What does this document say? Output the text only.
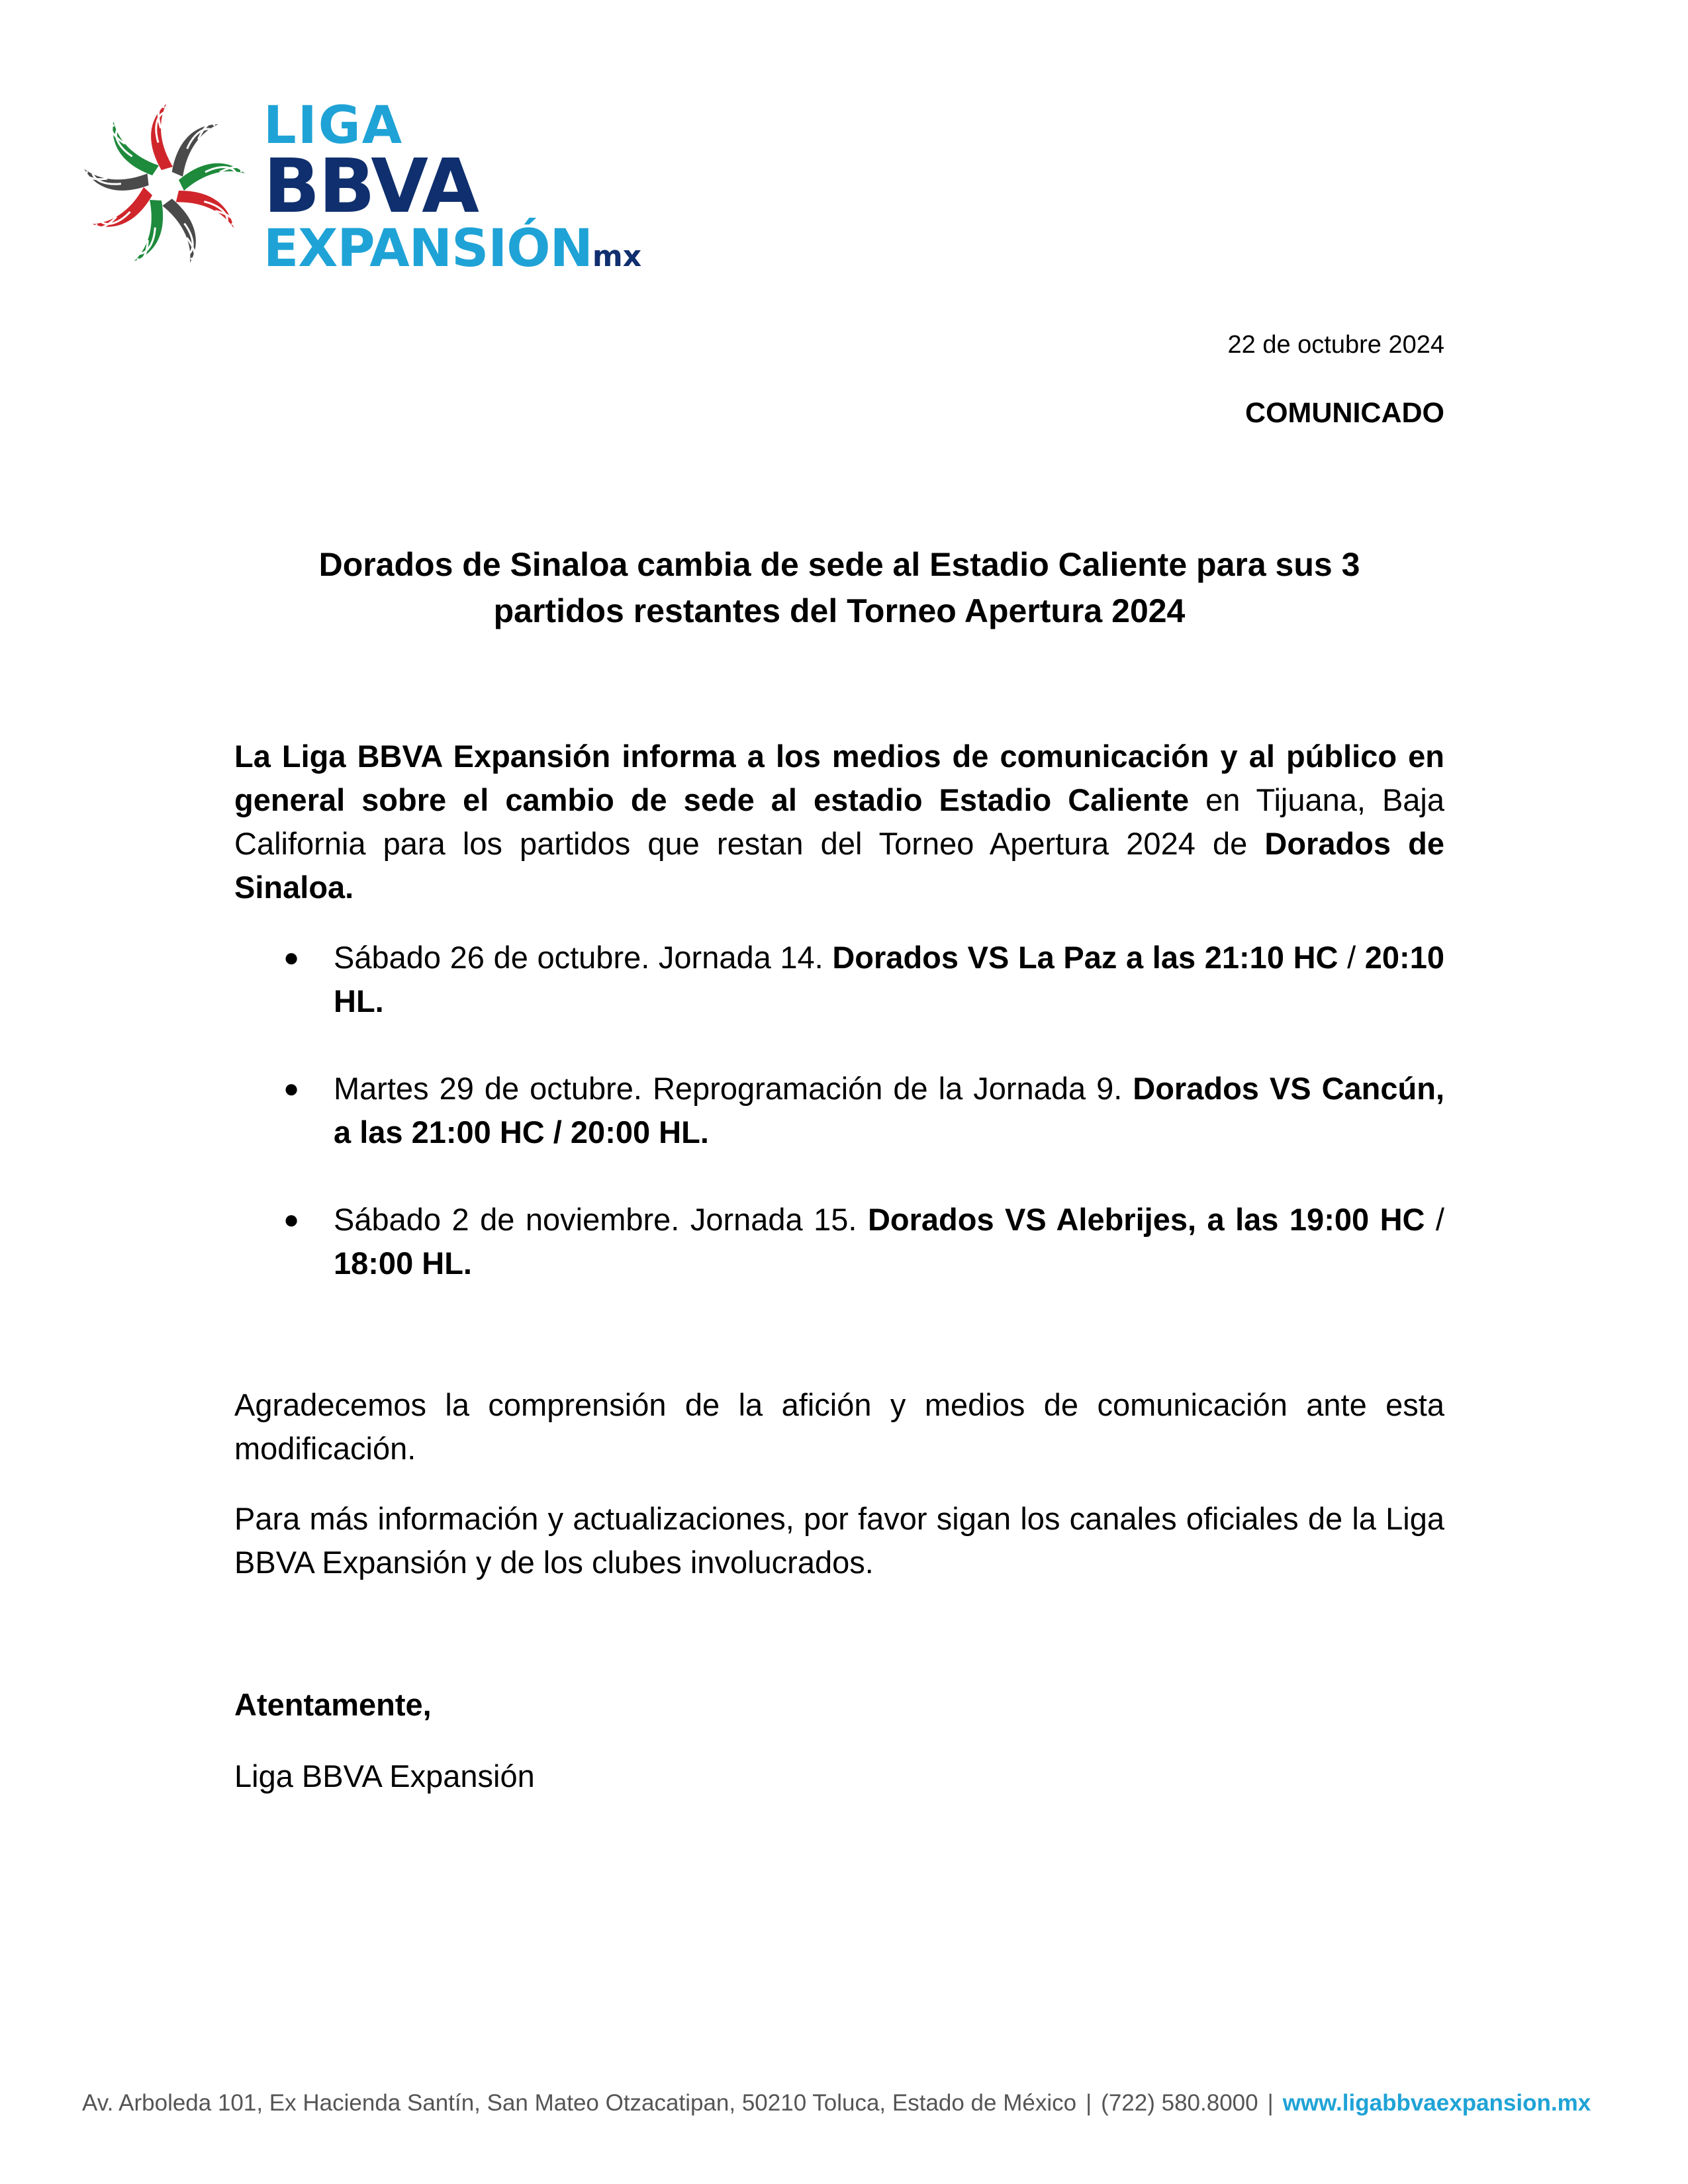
LIGA
BBVA
EXPANSIÓNmx
22 de octubre 2024
COMUNICADO
Dorados de Sinaloa cambia de sede al Estadio Caliente para sus 3
partidos restantes del Torneo Apertura 2024
La Liga BBVA Expansión informa a los medios de comunicación y al público en general sobre el cambio de sede al estadio Estadio Caliente en Tijuana, Baja California para los partidos que restan del Torneo Apertura 2024 de Dorados de Sinaloa.
● Sábado 26 de octubre. Jornada 14. Dorados VS La Paz a las 21:10 HC / 20:10 HL.
● Martes 29 de octubre. Reprogramación de la Jornada 9. Dorados VS Cancún, a las 21:00 HC / 20:00 HL.
● Sábado 2 de noviembre. Jornada 15. Dorados VS Alebrijes, a las 19:00 HC / 18:00 HL.
Agradecemos la comprensión de la afición y medios de comunicación ante esta modificación.
Para más información y actualizaciones, por favor sigan los canales oficiales de la Liga BBVA Expansión y de los clubes involucrados.
Atentamente,
Liga BBVA Expansión
Av. Arboleda 101, Ex Hacienda Santín, San Mateo Otzacatipan, 50210 Toluca, Estado de México | (722) 580.8000 | www.ligabbvaexpansion.mx
